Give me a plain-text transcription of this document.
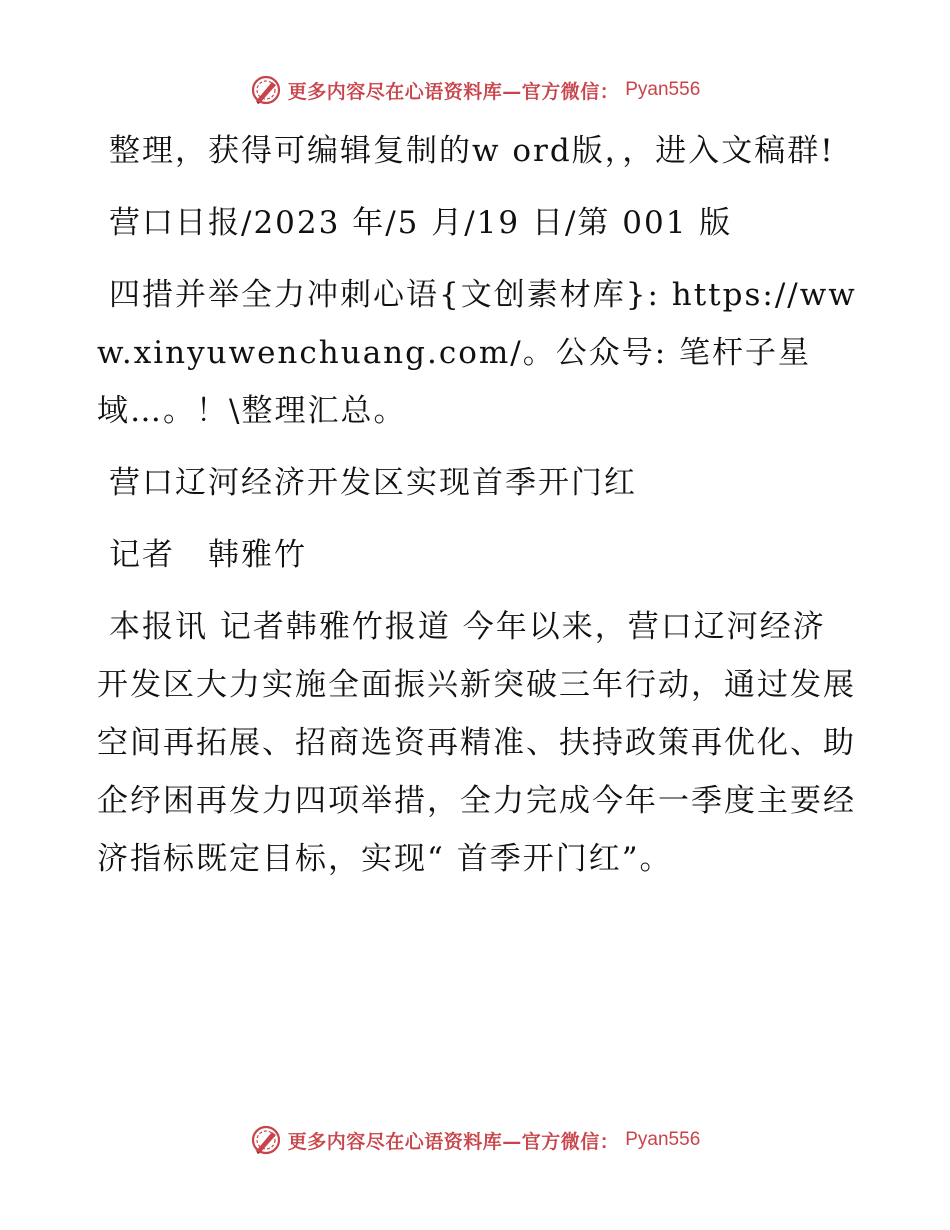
更多内容尽在心语资料库—官方微信： Pyan556

整理，获得可编辑复制的w ord版，，进入文稿群!

营口日报/2023 年/5 月/19 日/第 001 版

四措并举全力冲刺心语{文创素材库}: https://www.xinyuwenchuang.com/。公众号: 笔杆子星域…。！\整理汇总。

营口辽河经济开发区实现首季开门红

记者　韩雅竹

本报讯 记者韩雅竹报道 今年以来，营口辽河经济开发区大力实施全面振兴新突破三年行动，通过发展空间再拓展、招商选资再精准、扶持政策再优化、助企纾困再发力四项举措，全力完成今年一季度主要经济指标既定目标，实现“ 首季开门红”。

更多内容尽在心语资料库—官方微信： Pyan556
